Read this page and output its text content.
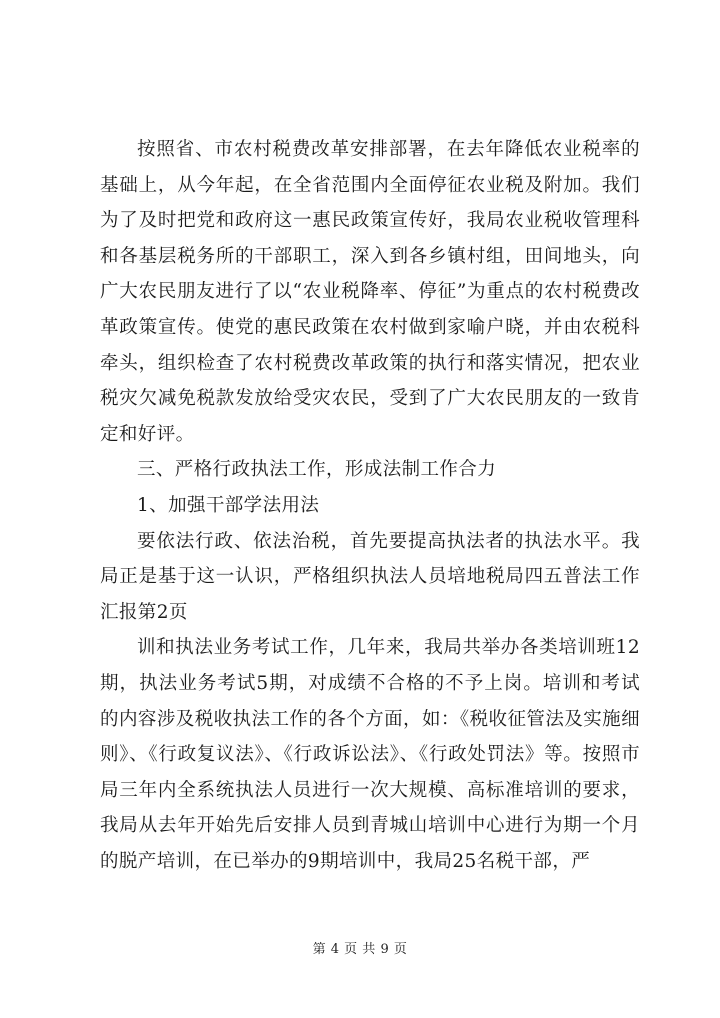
按照省、市农村税费改革安排部署，在去年降低农业税率的基础上，从今年起，在全省范围内全面停征农业税及附加。我们为了及时把党和政府这一惠民政策宣传好，我局农业税收管理科和各基层税务所的干部职工，深入到各乡镇村组，田间地头，向广大农民朋友进行了以“农业税降率、停征”为重点的农村税费改革政策宣传。使党的惠民政策在农村做到家喻户晓，并由农税科牵头，组织检查了农村税费改革政策的执行和落实情况，把农业税灾欠减免税款发放给受灾农民，受到了广大农民朋友的一致肯定和好评。

三、严格行政执法工作，形成法制工作合力

1、加强干部学法用法

要依法行政、依法治税，首先要提高执法者的执法水平。我局正是基于这一认识，严格组织执法人员培地税局四五普法工作汇报第2页

训和执法业务考试工作，几年来，我局共举办各类培训班12期，执法业务考试5期，对成绩不合格的不予上岗。培训和考试的内容涉及税收执法工作的各个方面，如：《税收征管法及实施细则》、《行政复议法》、《行政诉讼法》、《行政处罚法》等。按照市局三年内全系统执法人员进行一次大规模、高标准培训的要求，我局从去年开始先后安排人员到青城山培训中心进行为期一个月的脱产培训，在已举办的9期培训中，我局25名税干部，严

第 4 页 共 9 页
